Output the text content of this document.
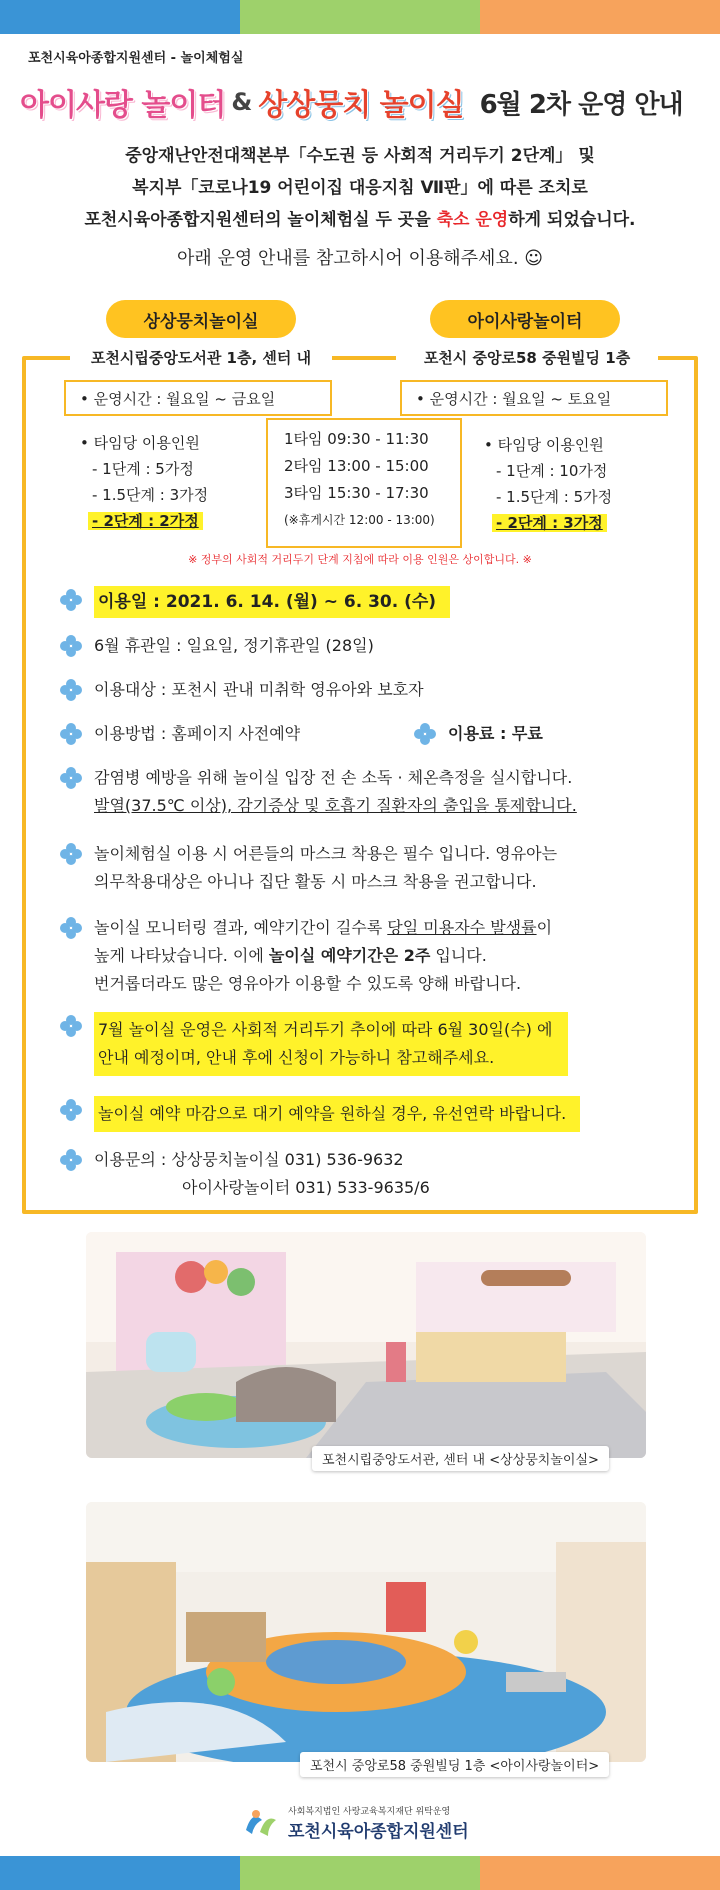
포천시육아종합지원센터 - 놀이체험실
아이사랑 놀이터 & 상상뭉치 놀이실 6월 2차 운영 안내
중앙재난안전대책본부「수도권 등 사회적 거리두기 2단계」 및
복지부「코로나19 어린이집 대응지침 Ⅶ판」에 따른 조치로
포천시육아종합지원센터의 놀이체험실 두 곳을 축소 운영하게 되었습니다.
아래 운영 안내를 참고하시어 이용해주세요. ☺
상상뭉치놀이실	아이사랑놀이터
포천시립중앙도서관 1층, 센터 내	포천시 중앙로58 중원빌딩 1층
• 운영시간 : 월요일 ~ 금요일	• 운영시간 : 월요일 ~ 토요일
• 타임당 이용인원
- 1단계 : 5가정
- 1.5단계 : 3가정
- 2단계 : 2가정
1타임 09:30 - 11:30
2타임 13:00 - 15:00
3타임 15:30 - 17:30
(※휴게시간 12:00 - 13:00)
• 타임당 이용인원
- 1단계 : 10가정
- 1.5단계 : 5가정
- 2단계 : 3가정
※ 정부의 사회적 거리두기 단계 지침에 따라 이용 인원은 상이합니다. ※
이용일 : 2021. 6. 14. (월) ~ 6. 30. (수)
6월 휴관일 : 일요일, 정기휴관일 (28일)
이용대상 : 포천시 관내 미취학 영유아와 보호자
이용방법 : 홈페이지 사전예약	이용료 : 무료
감염병 예방을 위해 놀이실 입장 전 손 소독 · 체온측정을 실시합니다.
발열(37.5℃ 이상), 감기증상 및 호흡기 질환자의 출입을 통제합니다.
놀이체험실 이용 시 어른들의 마스크 착용은 필수 입니다. 영유아는
의무착용대상은 아니나 집단 활동 시 마스크 착용을 권고합니다.
놀이실 모니터링 결과, 예약기간이 길수록 당일 미용자수 발생률이
높게 나타났습니다. 이에 놀이실 예약기간은 2주 입니다.
번거롭더라도 많은 영유아가 이용할 수 있도록 양해 바랍니다.
7월 놀이실 운영은 사회적 거리두기 추이에 따라 6월 30일(수) 에
안내 예정이며, 안내 후에 신청이 가능하니 참고해주세요.
놀이실 예약 마감으로 대기 예약을 원하실 경우, 유선연락 바랍니다.
이용문의 : 상상뭉치놀이실 031) 536-9632
아이사랑놀이터 031) 533-9635/6
포천시립중앙도서관, 센터 내 <상상뭉치놀이실>
포천시 중앙로58 중원빌딩 1층 <아이사랑놀이터>
사회복지법인 사랑교육복지재단 위탁운영
포천시육아종합지원센터
